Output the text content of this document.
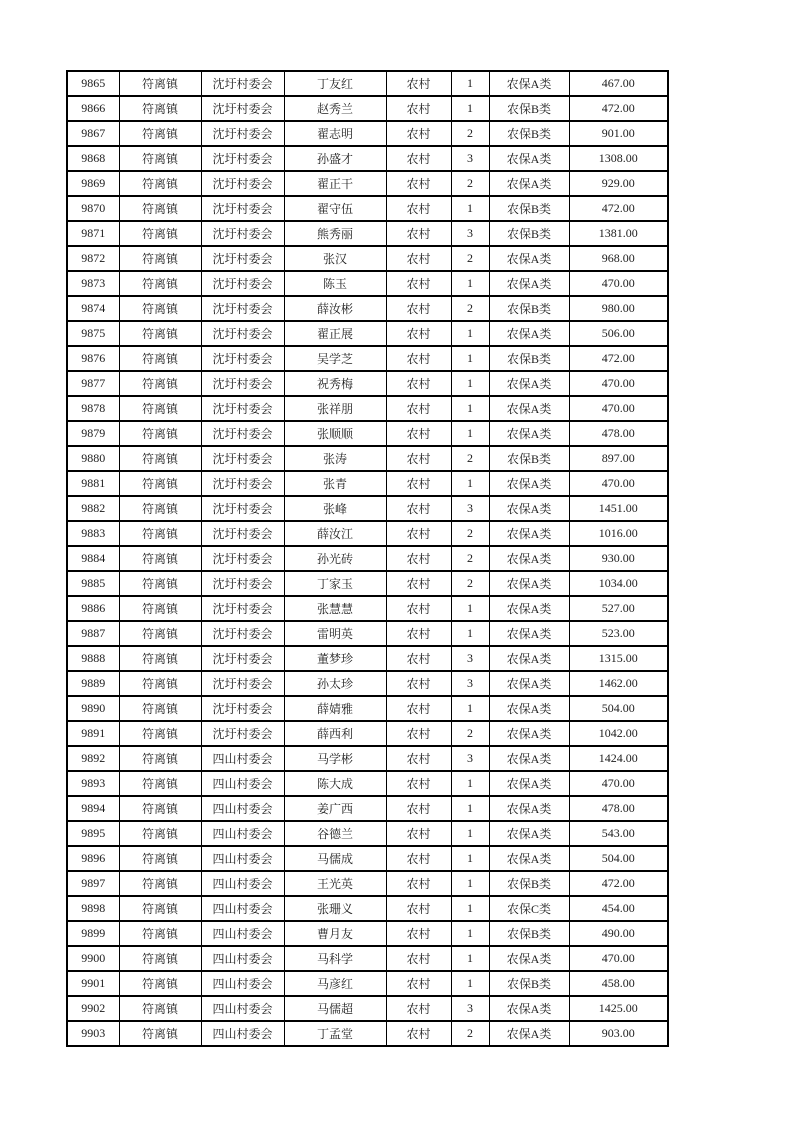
9865	符离镇	沈圩村委会	丁友红	农村	1	农保A类	467.00
9866	符离镇	沈圩村委会	赵秀兰	农村	1	农保B类	472.00
9867	符离镇	沈圩村委会	翟志明	农村	2	农保B类	901.00
9868	符离镇	沈圩村委会	孙盛才	农村	3	农保A类	1308.00
9869	符离镇	沈圩村委会	翟正干	农村	2	农保A类	929.00
9870	符离镇	沈圩村委会	翟守伍	农村	1	农保B类	472.00
9871	符离镇	沈圩村委会	熊秀丽	农村	3	农保B类	1381.00
9872	符离镇	沈圩村委会	张汉	农村	2	农保A类	968.00
9873	符离镇	沈圩村委会	陈玉	农村	1	农保A类	470.00
9874	符离镇	沈圩村委会	薛汝彬	农村	2	农保B类	980.00
9875	符离镇	沈圩村委会	翟正展	农村	1	农保A类	506.00
9876	符离镇	沈圩村委会	吴学芝	农村	1	农保B类	472.00
9877	符离镇	沈圩村委会	祝秀梅	农村	1	农保A类	470.00
9878	符离镇	沈圩村委会	张祥朋	农村	1	农保A类	470.00
9879	符离镇	沈圩村委会	张顺顺	农村	1	农保A类	478.00
9880	符离镇	沈圩村委会	张涛	农村	2	农保B类	897.00
9881	符离镇	沈圩村委会	张青	农村	1	农保A类	470.00
9882	符离镇	沈圩村委会	张峰	农村	3	农保A类	1451.00
9883	符离镇	沈圩村委会	薛汝江	农村	2	农保A类	1016.00
9884	符离镇	沈圩村委会	孙光砖	农村	2	农保A类	930.00
9885	符离镇	沈圩村委会	丁家玉	农村	2	农保A类	1034.00
9886	符离镇	沈圩村委会	张慧慧	农村	1	农保A类	527.00
9887	符离镇	沈圩村委会	雷明英	农村	1	农保A类	523.00
9888	符离镇	沈圩村委会	董梦珍	农村	3	农保A类	1315.00
9889	符离镇	沈圩村委会	孙太珍	农村	3	农保A类	1462.00
9890	符离镇	沈圩村委会	薛婧雅	农村	1	农保A类	504.00
9891	符离镇	沈圩村委会	薛西利	农村	2	农保A类	1042.00
9892	符离镇	四山村委会	马学彬	农村	3	农保A类	1424.00
9893	符离镇	四山村委会	陈大成	农村	1	农保A类	470.00
9894	符离镇	四山村委会	姜广西	农村	1	农保A类	478.00
9895	符离镇	四山村委会	谷德兰	农村	1	农保A类	543.00
9896	符离镇	四山村委会	马儒成	农村	1	农保A类	504.00
9897	符离镇	四山村委会	王光英	农村	1	农保B类	472.00
9898	符离镇	四山村委会	张珊义	农村	1	农保C类	454.00
9899	符离镇	四山村委会	曹月友	农村	1	农保B类	490.00
9900	符离镇	四山村委会	马科学	农村	1	农保A类	470.00
9901	符离镇	四山村委会	马彦红	农村	1	农保B类	458.00
9902	符离镇	四山村委会	马儒超	农村	3	农保A类	1425.00
9903	符离镇	四山村委会	丁孟堂	农村	2	农保A类	903.00
